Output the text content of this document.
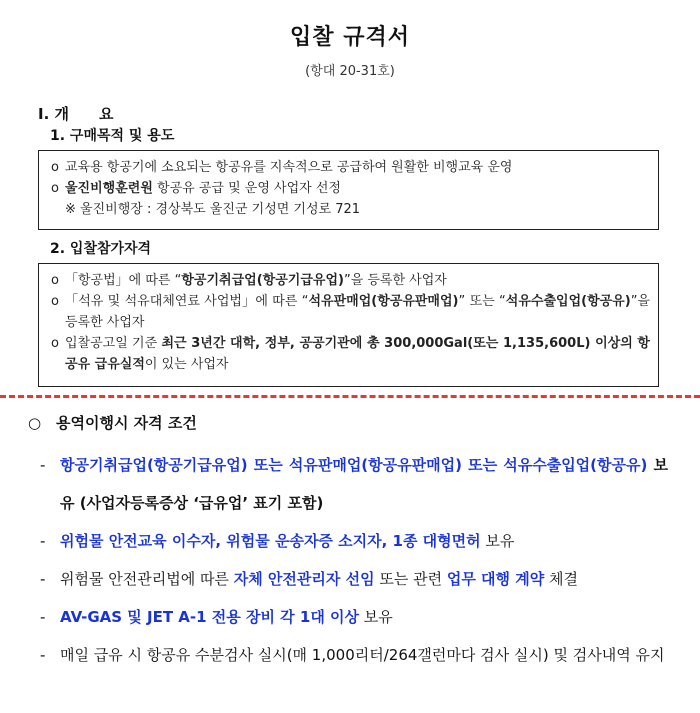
입찰 규격서
(항대 20-31호)
I. 개　　요
1. 구매목적 및 용도
o 교육용 항공기에 소요되는 항공유를 지속적으로 공급하여 원활한 비행교육 운영
o 울진비행훈련원 항공유 공급 및 운영 사업자 선정
※ 울진비행장 : 경상북도 울진군 기성면 기성로 721
2. 입찰참가자격
o 「항공법」에 따른 “항공기취급업(항공기급유업)”을 등록한 사업자
o 「석유 및 석유대체연료 사업법」에 따른 “석유판매업(항공유판매업)” 또는 “석유수출입업(항공유)”을 등록한 사업자
o 입찰공고일 기준 최근 3년간 대학, 정부, 공공기관에 총 300,000Gal(또는 1,135,600L) 이상의 항공유 급유실적이 있는 사업자
○ 용역이행시 자격 조건
- 항공기취급업(항공기급유업) 또는 석유판매업(항공유판매업) 또는 석유수출입업(항공유) 보유 (사업자등록증상 ‘급유업’ 표기 포함)
- 위험물 안전교육 이수자, 위험물 운송자증 소지자, 1종 대형면허 보유
- 위험물 안전관리법에 따른 자체 안전관리자 선임 또는 관련 업무 대행 계약 체결
- AV-GAS 및 JET A-1 전용 장비 각 1대 이상 보유
- 매일 급유 시 항공유 수분검사 실시(매 1,000리터/264갤런마다 검사 실시) 및 검사내역 유지
